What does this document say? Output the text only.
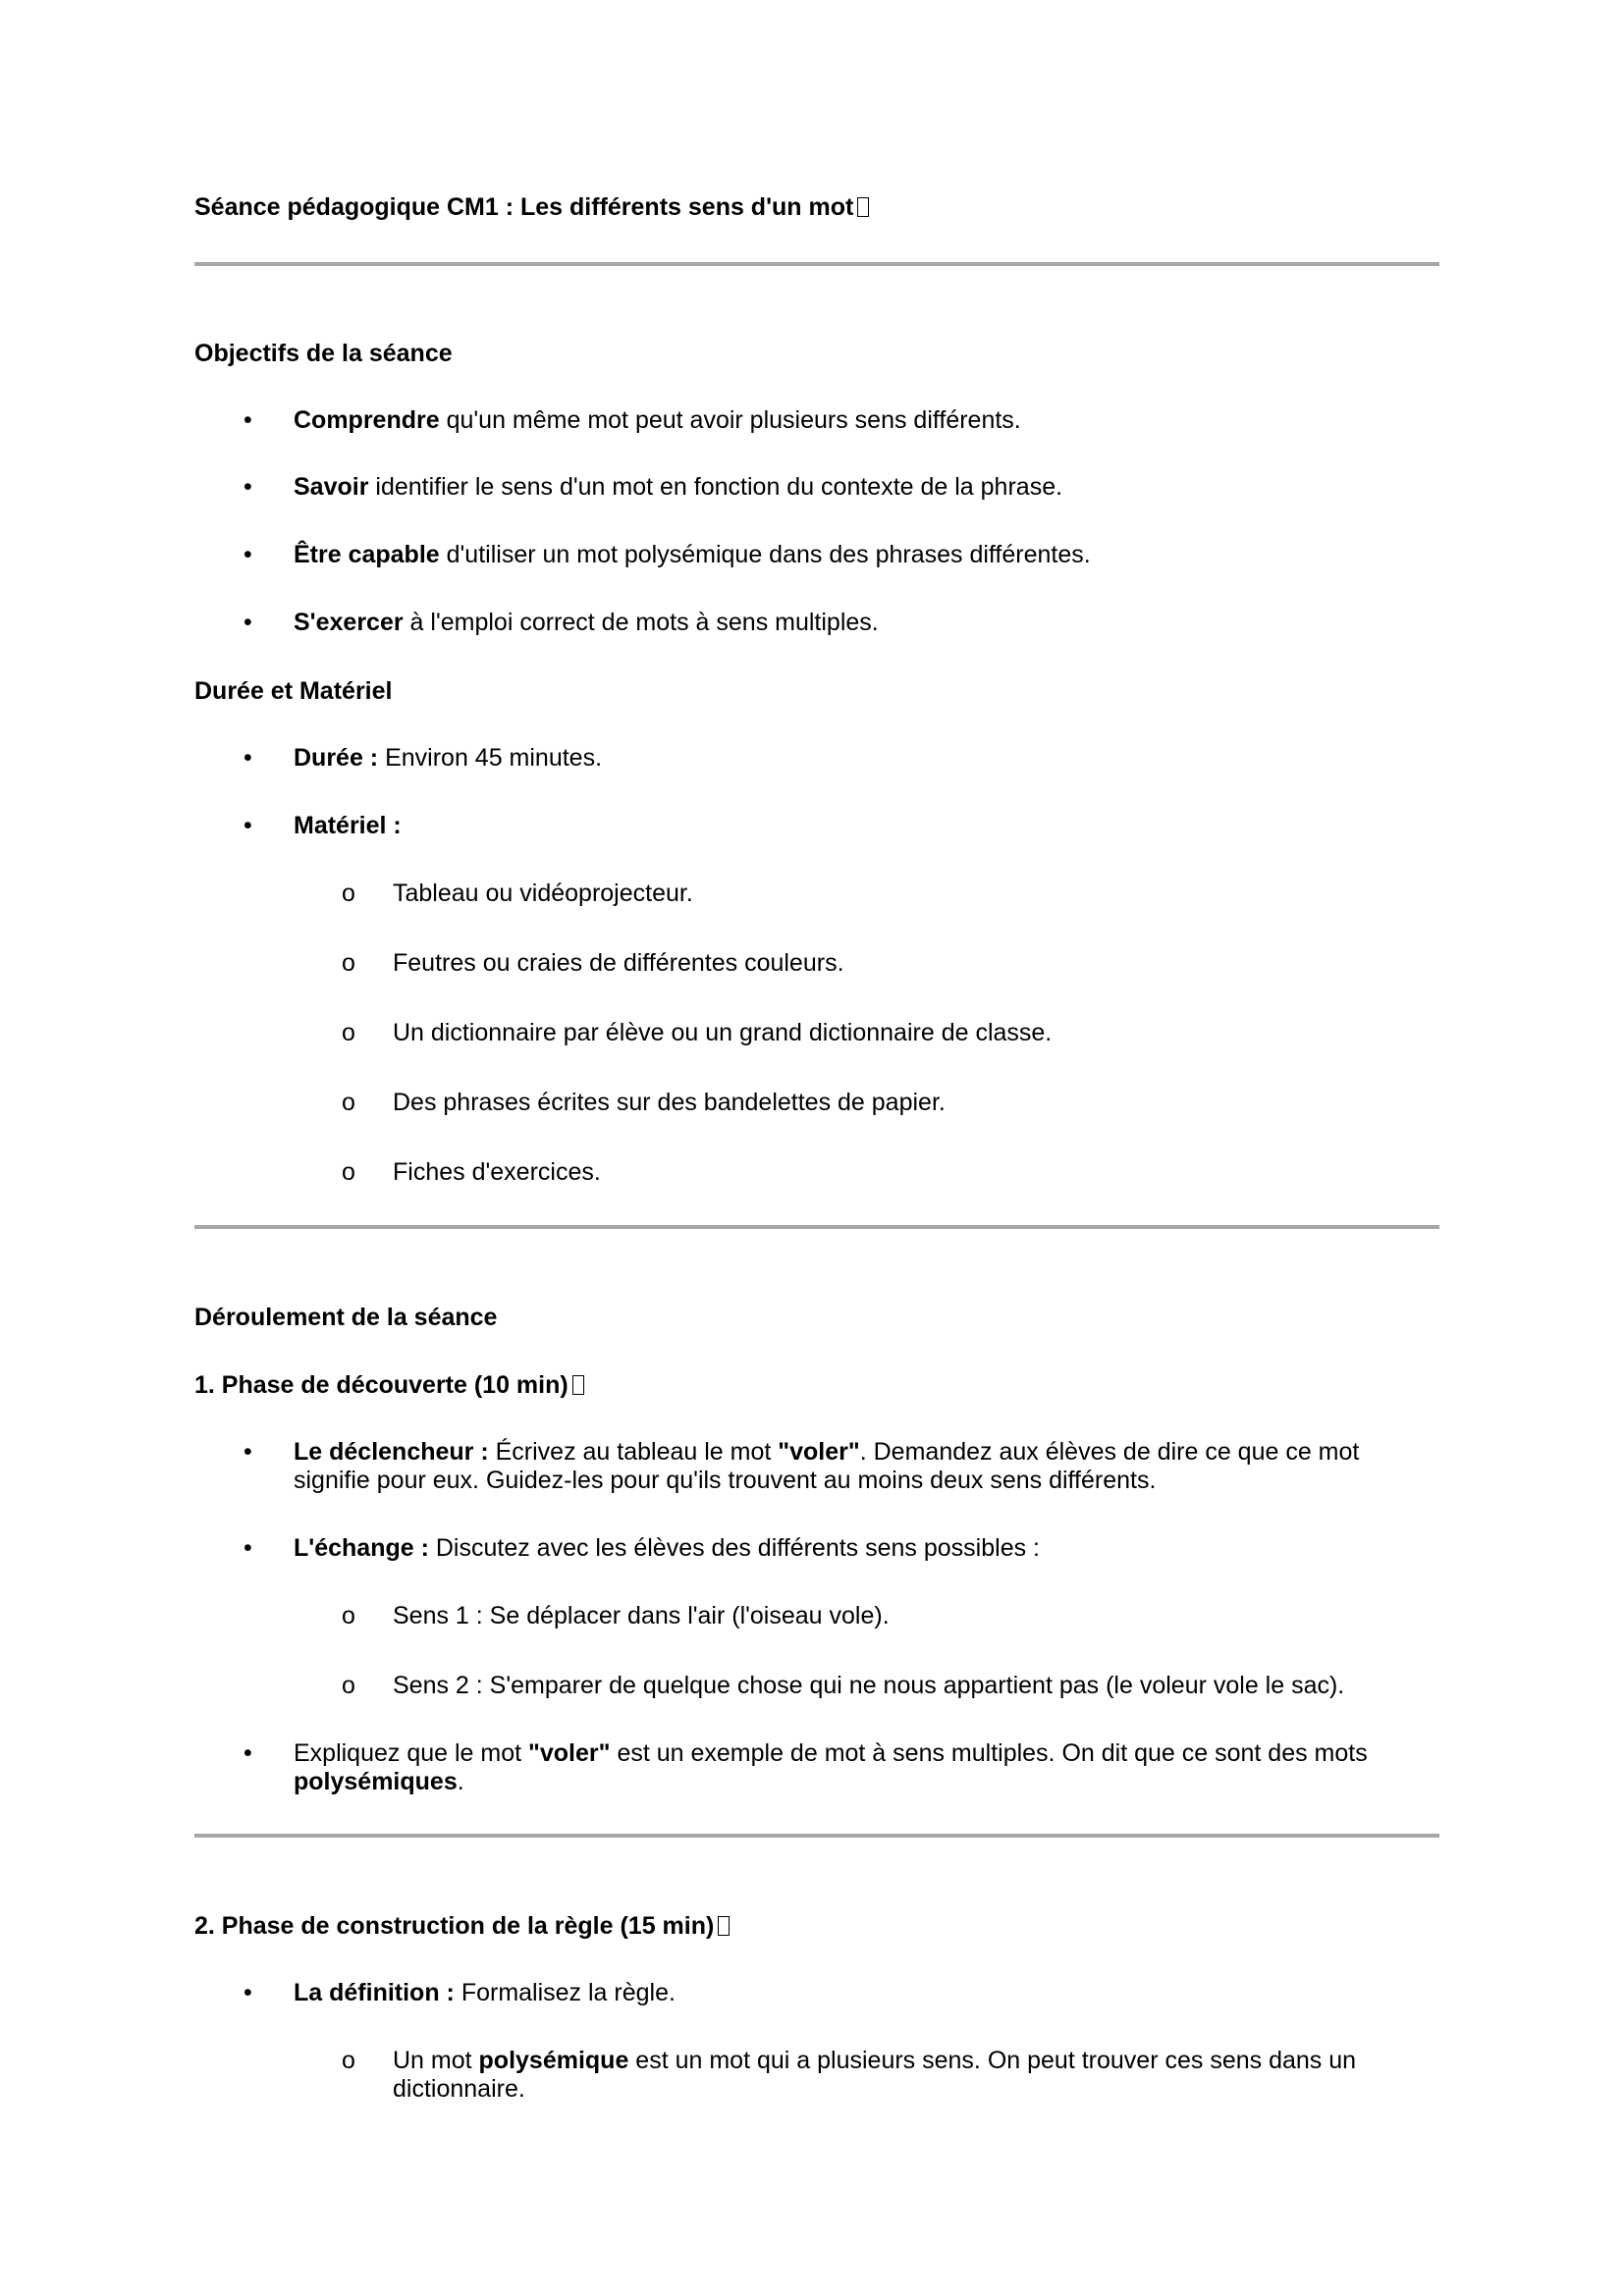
Séance pédagogique CM1 : Les différents sens d'un mot

Objectifs de la séance

• Comprendre qu'un même mot peut avoir plusieurs sens différents.
• Savoir identifier le sens d'un mot en fonction du contexte de la phrase.
• Être capable d'utiliser un mot polysémique dans des phrases différentes.
• S'exercer à l'emploi correct de mots à sens multiples.

Durée et Matériel

• Durée : Environ 45 minutes.
• Matériel :
o Tableau ou vidéoprojecteur.
o Feutres ou craies de différentes couleurs.
o Un dictionnaire par élève ou un grand dictionnaire de classe.
o Des phrases écrites sur des bandelettes de papier.
o Fiches d'exercices.

Déroulement de la séance

1. Phase de découverte (10 min)

• Le déclencheur : Écrivez au tableau le mot "voler". Demandez aux élèves de dire ce que ce mot signifie pour eux. Guidez-les pour qu'ils trouvent au moins deux sens différents.
• L'échange : Discutez avec les élèves des différents sens possibles :
o Sens 1 : Se déplacer dans l'air (l'oiseau vole).
o Sens 2 : S'emparer de quelque chose qui ne nous appartient pas (le voleur vole le sac).
• Expliquez que le mot "voler" est un exemple de mot à sens multiples. On dit que ce sont des mots polysémiques.

2. Phase de construction de la règle (15 min)

• La définition : Formalisez la règle.
o Un mot polysémique est un mot qui a plusieurs sens. On peut trouver ces sens dans un dictionnaire.
